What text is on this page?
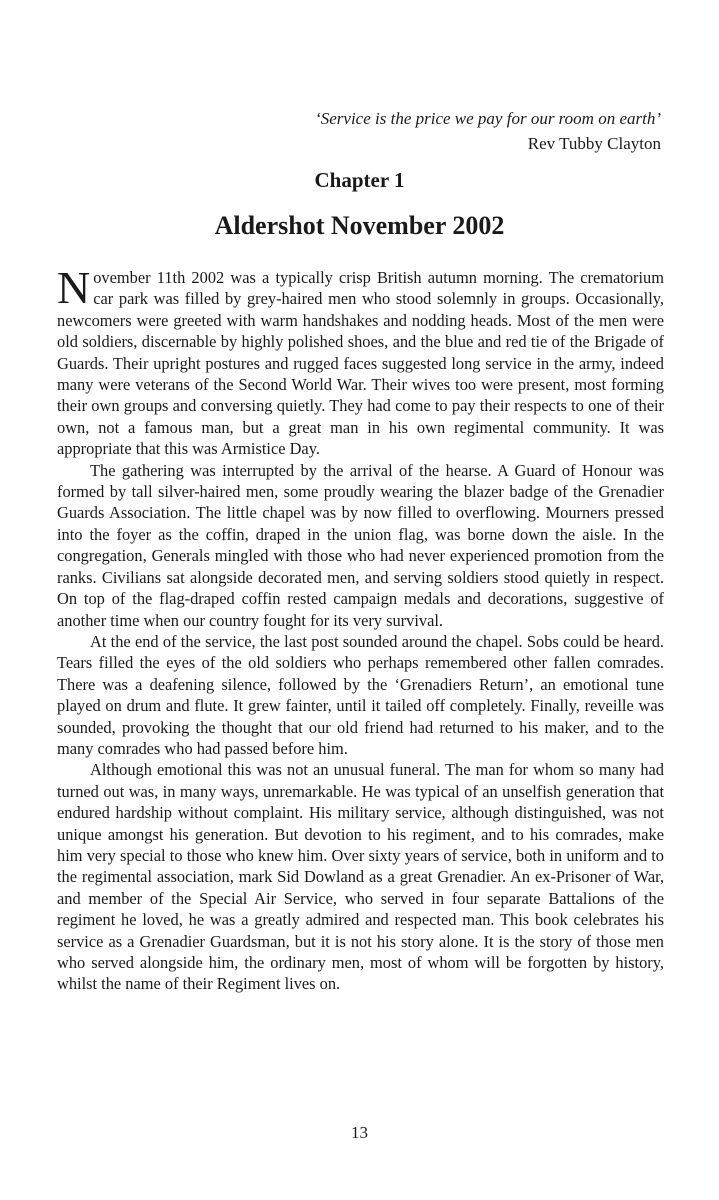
‘Service is the price we pay for our room on earth’
Rev Tubby Clayton
Chapter 1
Aldershot November 2002

November 11th 2002 was a typically crisp British autumn morning. The crematorium car park was filled by grey-haired men who stood solemnly in groups. Occasionally, newcomers were greeted with warm handshakes and nodding heads. Most of the men were old soldiers, discernable by highly polished shoes, and the blue and red tie of the Brigade of Guards. Their upright postures and rugged faces suggested long service in the army, indeed many were veterans of the Second World War. Their wives too were present, most forming their own groups and conversing quietly. They had come to pay their respects to one of their own, not a famous man, but a great man in his own regimental community. It was appropriate that this was Armistice Day.

The gathering was interrupted by the arrival of the hearse. A Guard of Honour was formed by tall silver-haired men, some proudly wearing the blazer badge of the Grenadier Guards Association. The little chapel was by now filled to overflowing. Mourners pressed into the foyer as the coffin, draped in the union flag, was borne down the aisle. In the congregation, Generals mingled with those who had never experienced promotion from the ranks. Civilians sat alongside decorated men, and serving soldiers stood quietly in respect. On top of the flag-draped coffin rested campaign medals and decorations, suggestive of another time when our country fought for its very survival.

At the end of the service, the last post sounded around the chapel. Sobs could be heard. Tears filled the eyes of the old soldiers who perhaps remembered other fallen comrades. There was a deafening silence, followed by the ‘Grenadiers Return’, an emotional tune played on drum and flute. It grew fainter, until it tailed off completely. Finally, reveille was sounded, provoking the thought that our old friend had returned to his maker, and to the many comrades who had passed before him.

Although emotional this was not an unusual funeral. The man for whom so many had turned out was, in many ways, unremarkable. He was typical of an unselfish generation that endured hardship without complaint. His military service, although distinguished, was not unique amongst his generation. But devotion to his regiment, and to his comrades, make him very special to those who knew him. Over sixty years of service, both in uniform and to the regimental association, mark Sid Dowland as a great Grenadier. An ex-Prisoner of War, and member of the Special Air Service, who served in four separate Battalions of the regiment he loved, he was a greatly admired and respected man. This book celebrates his service as a Grenadier Guardsman, but it is not his story alone. It is the story of those men who served alongside him, the ordinary men, most of whom will be forgotten by history, whilst the name of their Regiment lives on.

13
